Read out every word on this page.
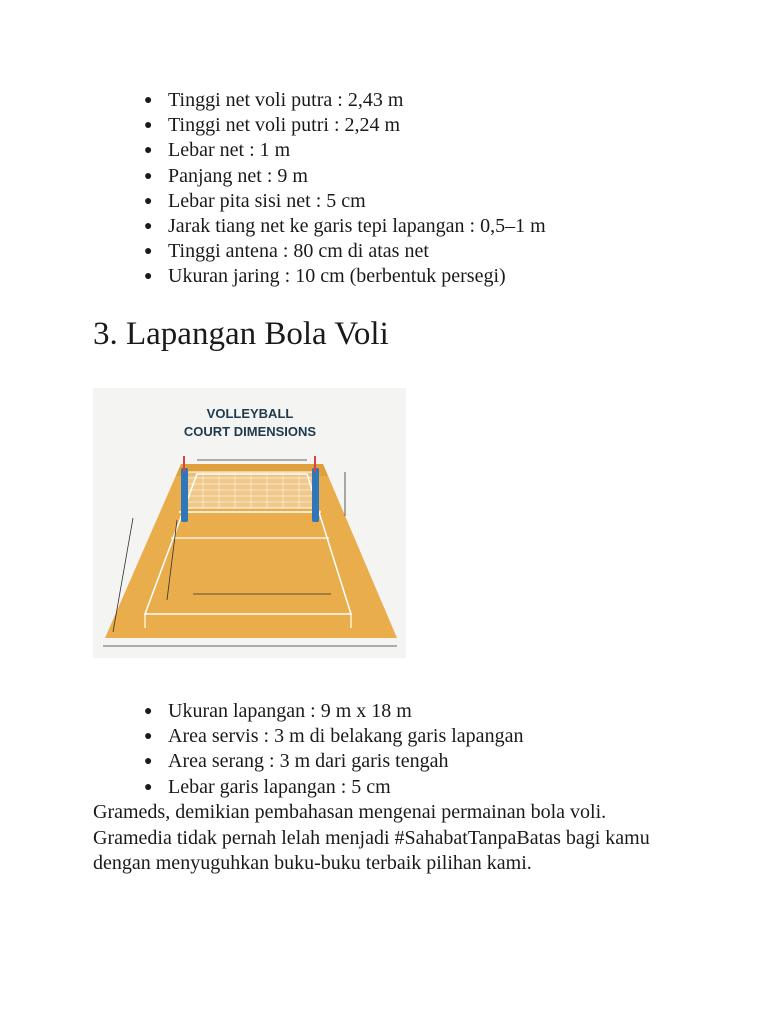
● Tinggi net voli putra : 2,43 m
● Tinggi net voli putri : 2,24 m
● Lebar net : 1 m
● Panjang net : 9 m
● Lebar pita sisi net : 5 cm
● Jarak tiang net ke garis tepi lapangan : 0,5–1 m
● Tinggi antena : 80 cm di atas net
● Ukuran jaring : 10 cm (berbentuk persegi)
3. Lapangan Bola Voli
VOLLEYBALL
COURT DIMENSIONS
● Ukuran lapangan : 9 m x 18 m
● Area servis : 3 m di belakang garis lapangan
● Area serang : 3 m dari garis tengah
● Lebar garis lapangan : 5 cm

Grameds, demikian pembahasan mengenai permainan bola voli. Gramedia tidak pernah lelah menjadi #SahabatTanpaBatas bagi kamu dengan menyuguhkan buku-buku terbaik pilihan kami.
